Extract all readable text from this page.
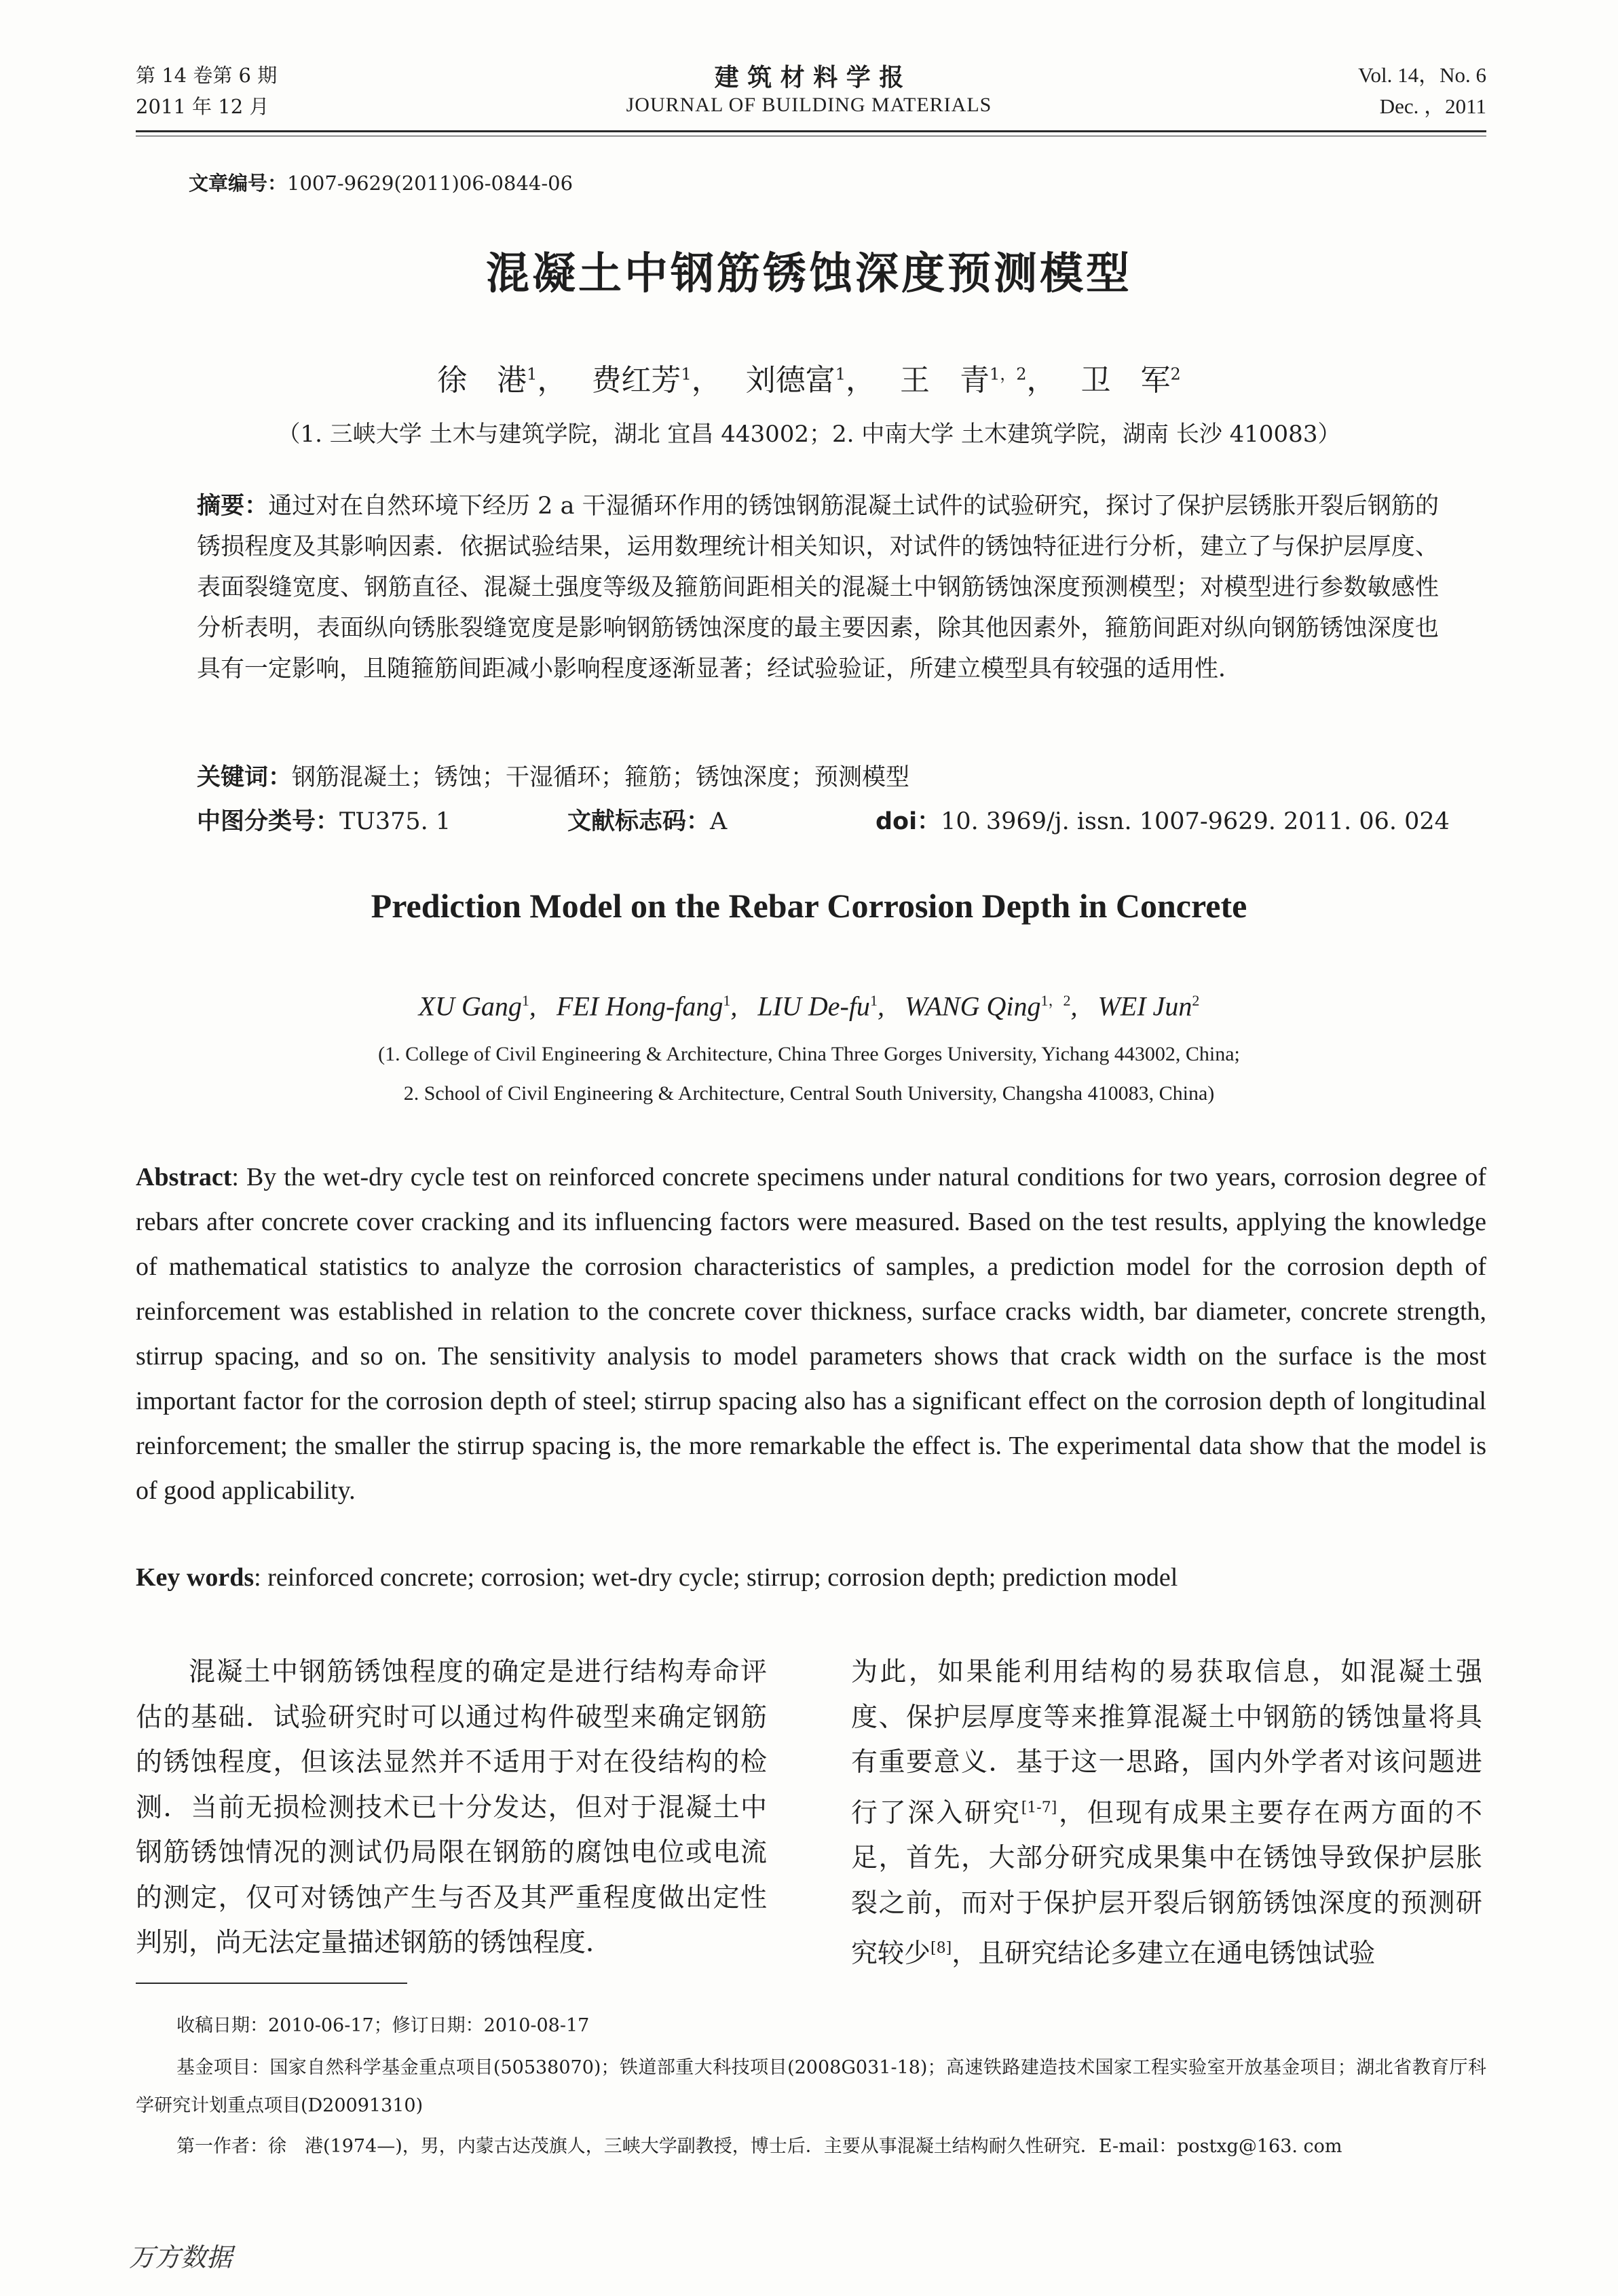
第 14 卷第 6 期
2011 年 12 月
建 筑 材 料 学 报
JOURNAL OF BUILDING MATERIALS
Vol. 14，No. 6
Dec. ，2011
文章编号：1007-9629(2011)06-0844-06
混凝土中钢筋锈蚀深度预测模型
徐　港$^1$，　 费红芳$^1$，　 刘德富$^1$，　 王　青$^{1,2}$，　 卫　军$^2$
（1. 三峡大学 土木与建筑学院，湖北 宜昌 443002；2. 中南大学 土木建筑学院，湖南 长沙 410083）
摘要：通过对在自然环境下经历 2 a 干湿循环作用的锈蚀钢筋混凝土试件的试验研究，探讨了保护层锈胀开裂后钢筋的锈损程度及其影响因素．依据试验结果，运用数理统计相关知识，对试件的锈蚀特征进行分析，建立了与保护层厚度、表面裂缝宽度、钢筋直径、混凝土强度等级及箍筋间距相关的混凝土中钢筋锈蚀深度预测模型；对模型进行参数敏感性分析表明，表面纵向锈胀裂缝宽度是影响钢筋锈蚀深度的最主要因素，除其他因素外，箍筋间距对纵向钢筋锈蚀深度也具有一定影响，且随箍筋间距减小影响程度逐渐显著；经试验验证，所建立模型具有较强的适用性．
关键词：钢筋混凝土；锈蚀；干湿循环；箍筋；锈蚀深度；预测模型
中图分类号：TU375. 1	文献标志码：A	doi：10. 3969/j. issn. 1007-9629. 2011. 06. 024
Prediction Model on the Rebar Corrosion Depth in Concrete
XU Gang$^1$,   FEI Hong-fang$^1$,   LIU $De-fu^1$,   WANG Qing$^{1,2}$,   WEI Jun$^2$
(1. College of Civil Engineering & Architecture, China Three Gorges University, Yichang 443002, China;
2. School of Civil Engineering & Architecture, Central South University, Changsha 410083, China)
Abstract: By the wet-dry cycle test on reinforced concrete specimens under natural conditions for two years, corrosion degree of rebars after concrete cover cracking and its influencing factors were measured. Based on the test results, applying the knowledge of mathematical statistics to analyze the corrosion characteristics of samples, a prediction model for the corrosion depth of reinforcement was established in relation to the concrete cover thickness, surface cracks width, bar diameter, concrete strength, stirrup spacing, and so on. The sensitivity analysis to model parameters shows that crack width on the surface is the most important factor for the corrosion depth of steel; stirrup spacing also has a significant effect on the corrosion depth of longitudinal reinforcement; the smaller the stirrup spacing is, the more remarkable the effect is. The experimental data show that the model is of good applicability.
Key words: reinforced concrete; corrosion; wet-dry cycle; stirrup; corrosion depth; prediction model
混凝土中钢筋锈蚀程度的确定是进行结构寿命评估的基础．试验研究时可以通过构件破型来确定钢筋的锈蚀程度，但该法显然并不适用于对在役结构的检测．当前无损检测技术已十分发达，但对于混凝土中钢筋锈蚀情况的测试仍局限在钢筋的腐蚀电位或电流的测定，仅可对锈蚀产生与否及其严重程度做出定性判别，尚无法定量描述钢筋的锈蚀程度．
为此，如果能利用结构的易获取信息，如混凝土强度、保护层厚度等来推算混凝土中钢筋的锈蚀量将具有重要意义．基于这一思路，国内外学者对该问题进行了深入研究[1-7]，但现有成果主要存在两方面的不足，首先，大部分研究成果集中在锈蚀导致保护层胀裂之前，而对于保护层开裂后钢筋锈蚀深度的预测研究较少[8]，且研究结论多建立在通电锈蚀试验
收稿日期：2010-06-17；修订日期：2010-08-17
基金项目：国家自然科学基金重点项目(50538070)；铁道部重大科技项目(2008G031-18)；高速铁路建造技术国家工程实验室开放基金项目；湖北省教育厅科学研究计划重点项目(D20091310)
第一作者：徐　港(1974—)，男，内蒙古达茂旗人，三峡大学副教授，博士后．主要从事混凝土结构耐久性研究．E-mail：postxg@163. com
万方数据
